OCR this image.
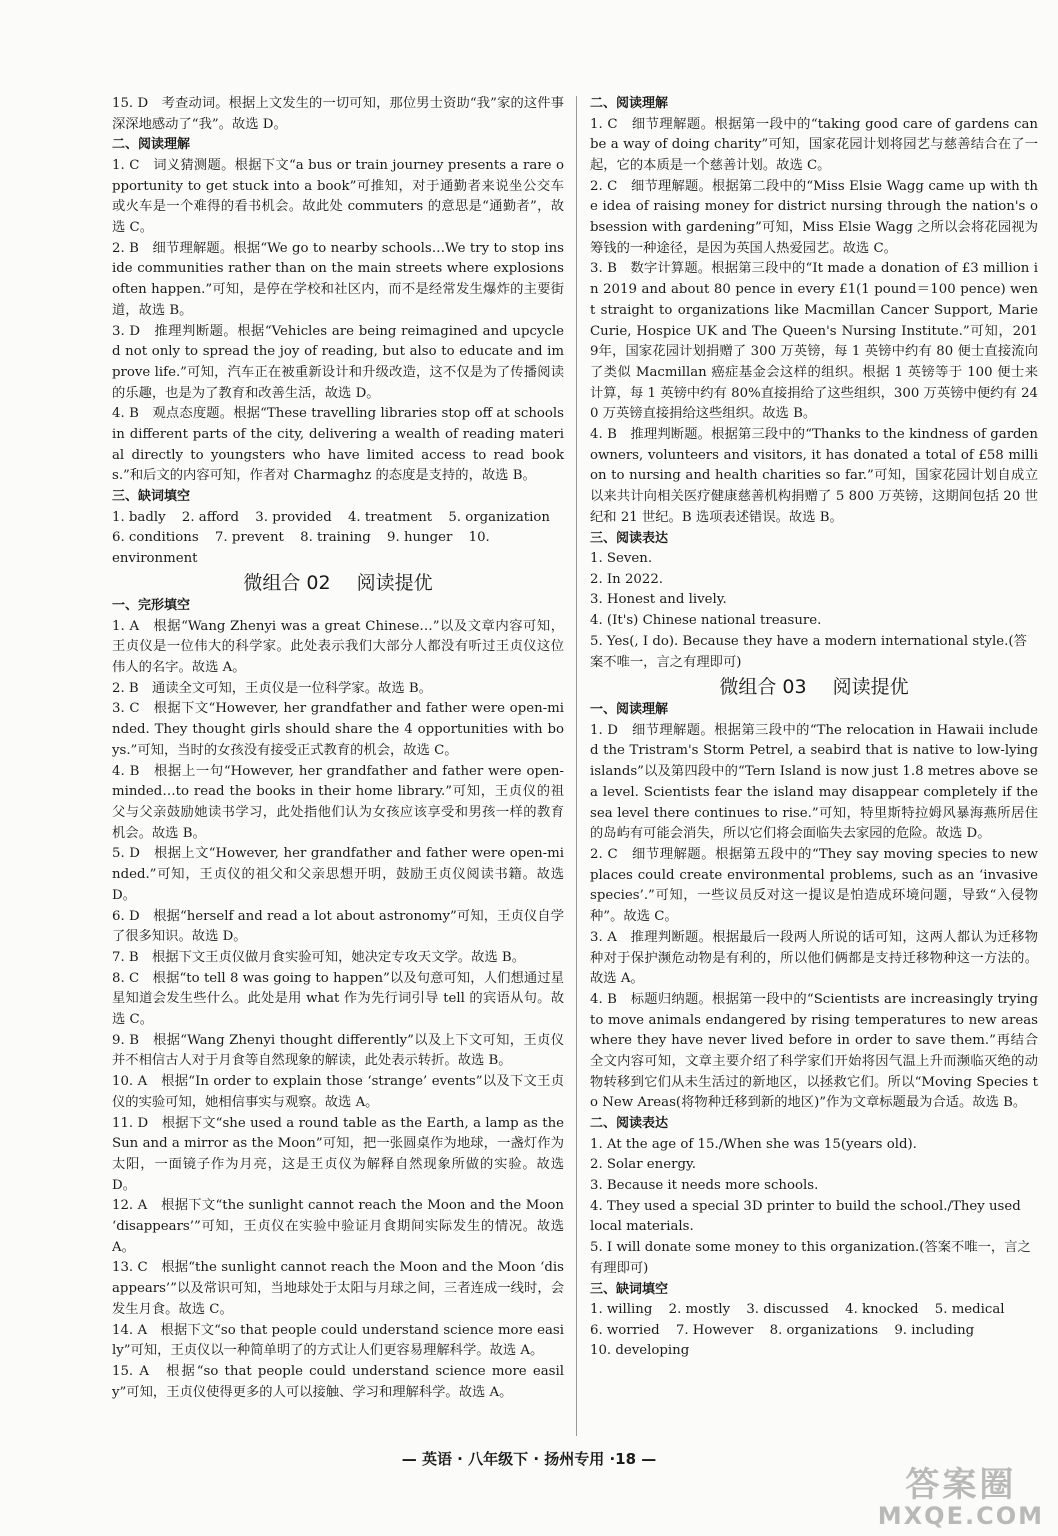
15. D　考查动词。根据上文发生的一切可知，那位男士资助“我”家的这件事深深地感动了“我”。故选 D。

二、阅读理解

1. C　词义猜测题。根据下文“a bus or train journey presents a rare opportunity to get stuck into a book”可推知，对于通勤者来说坐公交车或火车是一个难得的看书机会。故此处 commuters 的意思是“通勤者”，故选 C。

2. B　细节理解题。根据“We go to nearby schools…We try to stop inside communities rather than on the main streets where explosions often happen.”可知，是停在学校和社区内，而不是经常发生爆炸的主要街道，故选 B。

3. D　推理判断题。根据“Vehicles are being reimagined and upcycled not only to spread the joy of reading, but also to educate and improve life.”可知，汽车正在被重新设计和升级改造，这不仅是为了传播阅读的乐趣，也是为了教育和改善生活，故选 D。

4. B　观点态度题。根据“These travelling libraries stop off at schools in different parts of the city, delivering a wealth of reading material directly to youngsters who have limited access to read books.”和后文的内容可知，作者对 Charmaghz 的态度是支持的，故选 B。

三、缺词填空

1. badly 2. afford 3. provided 4. treatment 5. organization

6. conditions 7. prevent 8. training 9. hunger 10. environment

微组合 02 阅读提优

一、完形填空

1. A　根据“Wang Zhenyi was a great Chinese…”以及文章内容可知，王贞仪是一位伟大的科学家。此处表示我们大部分人都没有听过王贞仪这位伟人的名字。故选 A。

2. B　通读全文可知，王贞仪是一位科学家。故选 B。

3. C　根据下文“However, her grandfather and father were open-minded. They thought girls should share the 4 opportunities with boys.”可知，当时的女孩没有接受正式教育的机会，故选 C。

4. B　根据上一句“However, her grandfather and father were open-minded…to read the books in their home library.”可知，王贞仪的祖父与父亲鼓励她读书学习，此处指他们认为女孩应该享受和男孩一样的教育机会。故选 B。

5. D　根据上文“However, her grandfather and father were open-minded.”可知，王贞仪的祖父和父亲思想开明，鼓励王贞仪阅读书籍。故选 D。

6. D　根据“herself and read a lot about astronomy”可知，王贞仪自学了很多知识。故选 D。

7. B　根据下文王贞仪做月食实验可知，她决定专攻天文学。故选 B。

8. C　根据“to tell 8 was going to happen”以及句意可知，人们想通过星星知道会发生些什么。此处是用 what 作为先行词引导 tell 的宾语从句。故选 C。

9. B　根据“Wang Zhenyi thought differently”以及上下文可知，王贞仪并不相信古人对于月食等自然现象的解读，此处表示转折。故选 B。

10. A　根据“In order to explain those ‘strange’ events”以及下文王贞仪的实验可知，她相信事实与观察。故选 A。

11. D　根据下文“she used a round table as the Earth, a lamp as the Sun and a mirror as the Moon”可知，把一张圆桌作为地球，一盏灯作为太阳，一面镜子作为月亮，这是王贞仪为解释自然现象所做的实验。故选 D。

12. A　根据下文“the sunlight cannot reach the Moon and the Moon ‘disappears’”可知，王贞仪在实验中验证月食期间实际发生的情况。故选 A。

13. C　根据“the sunlight cannot reach the Moon and the Moon ‘disappears’”以及常识可知，当地球处于太阳与月球之间，三者连成一线时，会发生月食。故选 C。

14. A　根据下文“so that people could understand science more easily”可知，王贞仪以一种简单明了的方式让人们更容易理解科学。故选 A。

15. A　根据“so that people could understand science more easily”可知，王贞仪使得更多的人可以接触、学习和理解科学。故选 A。

二、阅读理解

1. C　细节理解题。根据第一段中的“taking good care of gardens can be a way of doing charity”可知，国家花园计划将园艺与慈善结合在了一起，它的本质是一个慈善计划。故选 C。

2. C　细节理解题。根据第二段中的“Miss Elsie Wagg came up with the idea of raising money for district nursing through the nation's obsession with gardening”可知，Miss Elsie Wagg 之所以会将花园视为筹钱的一种途径，是因为英国人热爱园艺。故选 C。

3. B　数字计算题。根据第三段中的“It made a donation of £3 million in 2019 and about 80 pence in every £1(1 pound＝100 pence) went straight to organizations like Macmillan Cancer Support, Marie Curie, Hospice UK and The Queen's Nursing Institute.”可知，2019年，国家花园计划捐赠了 300 万英镑，每 1 英镑中约有 80 便士直接流向了类似 Macmillan 癌症基金会这样的组织。根据 1 英镑等于 100 便士来计算，每 1 英镑中约有 80%直接捐给了这些组织，300 万英镑中便约有 240 万英镑直接捐给这些组织。故选 B。

4. B　推理判断题。根据第三段中的“Thanks to the kindness of garden owners, volunteers and visitors, it has donated a total of £58 million to nursing and health charities so far.”可知，国家花园计划自成立以来共计向相关医疗健康慈善机构捐赠了 5 800 万英镑，这期间包括 20 世纪和 21 世纪。B 选项表述错误。故选 B。

三、阅读表达

1. Seven.

2. In 2022.

3. Honest and lively.

4. (It's) Chinese national treasure.

5. Yes(, I do). Because they have a modern international style.(答案不唯一，言之有理即可)

微组合 03 阅读提优

一、阅读理解

1. D　细节理解题。根据第三段中的“The relocation in Hawaii included the Tristram's Storm Petrel, a seabird that is native to low-lying islands”以及第四段中的“Tern Island is now just 1.8 metres above sea level. Scientists fear the island may disappear completely if the sea level there continues to rise.”可知，特里斯特拉姆风暴海燕所居住的岛屿有可能会消失，所以它们将会面临失去家园的危险。故选 D。

2. C　细节理解题。根据第五段中的“They say moving species to new places could create environmental problems, such as an ‘invasive species’.”可知，一些议员反对这一提议是怕造成环境问题，导致“入侵物种”。故选 C。

3. A　推理判断题。根据最后一段两人所说的话可知，这两人都认为迁移物种对于保护濒危动物是有利的，所以他们俩都是支持迁移物种这一方法的。故选 A。

4. B　标题归纳题。根据第一段中的“Scientists are increasingly trying to move animals endangered by rising temperatures to new areas where they have never lived before in order to save them.”再结合全文内容可知，文章主要介绍了科学家们开始将因气温上升而濒临灭绝的动物转移到它们从未生活过的新地区，以拯救它们。所以“Moving Species to New Areas(将物种迁移到新的地区)”作为文章标题最为合适。故选 B。

二、阅读表达

1. At the age of 15./When she was 15(years old).

2. Solar energy.

3. Because it needs more schools.

4. They used a special 3D printer to build the school./They used local materials.

5. I will donate some money to this organization.(答案不唯一，言之有理即可)

三、缺词填空

1. willing 2. mostly 3. discussed 4. knocked 5. medical

6. worried 7. However 8. organizations 9. including

10. developing

— 英语 · 八年级下 · 扬州专用 ·18 —
答案圈
MXQE.COM
